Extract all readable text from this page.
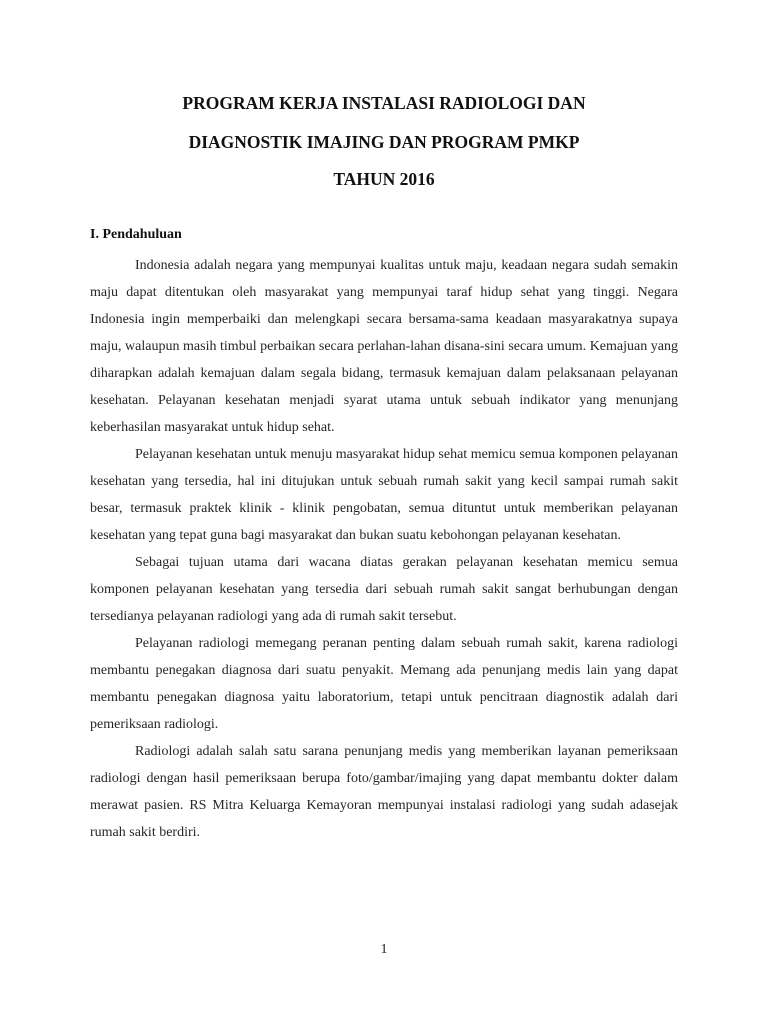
PROGRAM KERJA INSTALASI RADIOLOGI DAN
DIAGNOSTIK IMAJING DAN PROGRAM PMKP
TAHUN 2016
I. Pendahuluan

Indonesia adalah negara yang mempunyai kualitas untuk maju, keadaan negara sudah semakin maju dapat ditentukan oleh masyarakat yang mempunyai taraf hidup sehat yang tinggi. Negara Indonesia ingin memperbaiki dan melengkapi secara bersama-sama keadaan masyarakatnya supaya maju, walaupun masih timbul perbaikan secara perlahan-lahan disana-sini secara umum. Kemajuan yang diharapkan adalah kemajuan dalam segala bidang, termasuk kemajuan dalam pelaksanaan pelayanan kesehatan. Pelayanan kesehatan menjadi syarat utama untuk sebuah indikator yang menunjang keberhasilan masyarakat untuk hidup sehat.

Pelayanan kesehatan untuk menuju masyarakat hidup sehat memicu semua komponen pelayanan kesehatan yang tersedia, hal ini ditujukan untuk sebuah rumah sakit yang kecil sampai rumah sakit besar, termasuk praktek klinik - klinik pengobatan, semua dituntut untuk memberikan pelayanan kesehatan yang tepat guna bagi masyarakat dan bukan suatu kebohongan pelayanan kesehatan.

Sebagai tujuan utama dari wacana diatas gerakan pelayanan kesehatan memicu semua komponen pelayanan kesehatan yang tersedia dari sebuah rumah sakit sangat berhubungan dengan tersedianya pelayanan radiologi yang ada di rumah sakit tersebut.

Pelayanan radiologi memegang peranan penting dalam sebuah rumah sakit, karena radiologi membantu penegakan diagnosa dari suatu penyakit. Memang ada penunjang medis lain yang dapat membantu penegakan diagnosa yaitu laboratorium, tetapi untuk pencitraan diagnostik adalah dari pemeriksaan radiologi.

Radiologi adalah salah satu sarana penunjang medis yang memberikan layanan pemeriksaan radiologi dengan hasil pemeriksaan berupa foto/gambar/imajing yang dapat membantu dokter dalam merawat pasien. RS Mitra Keluarga Kemayoran mempunyai instalasi radiologi yang sudah adasejak rumah sakit berdiri.

1
